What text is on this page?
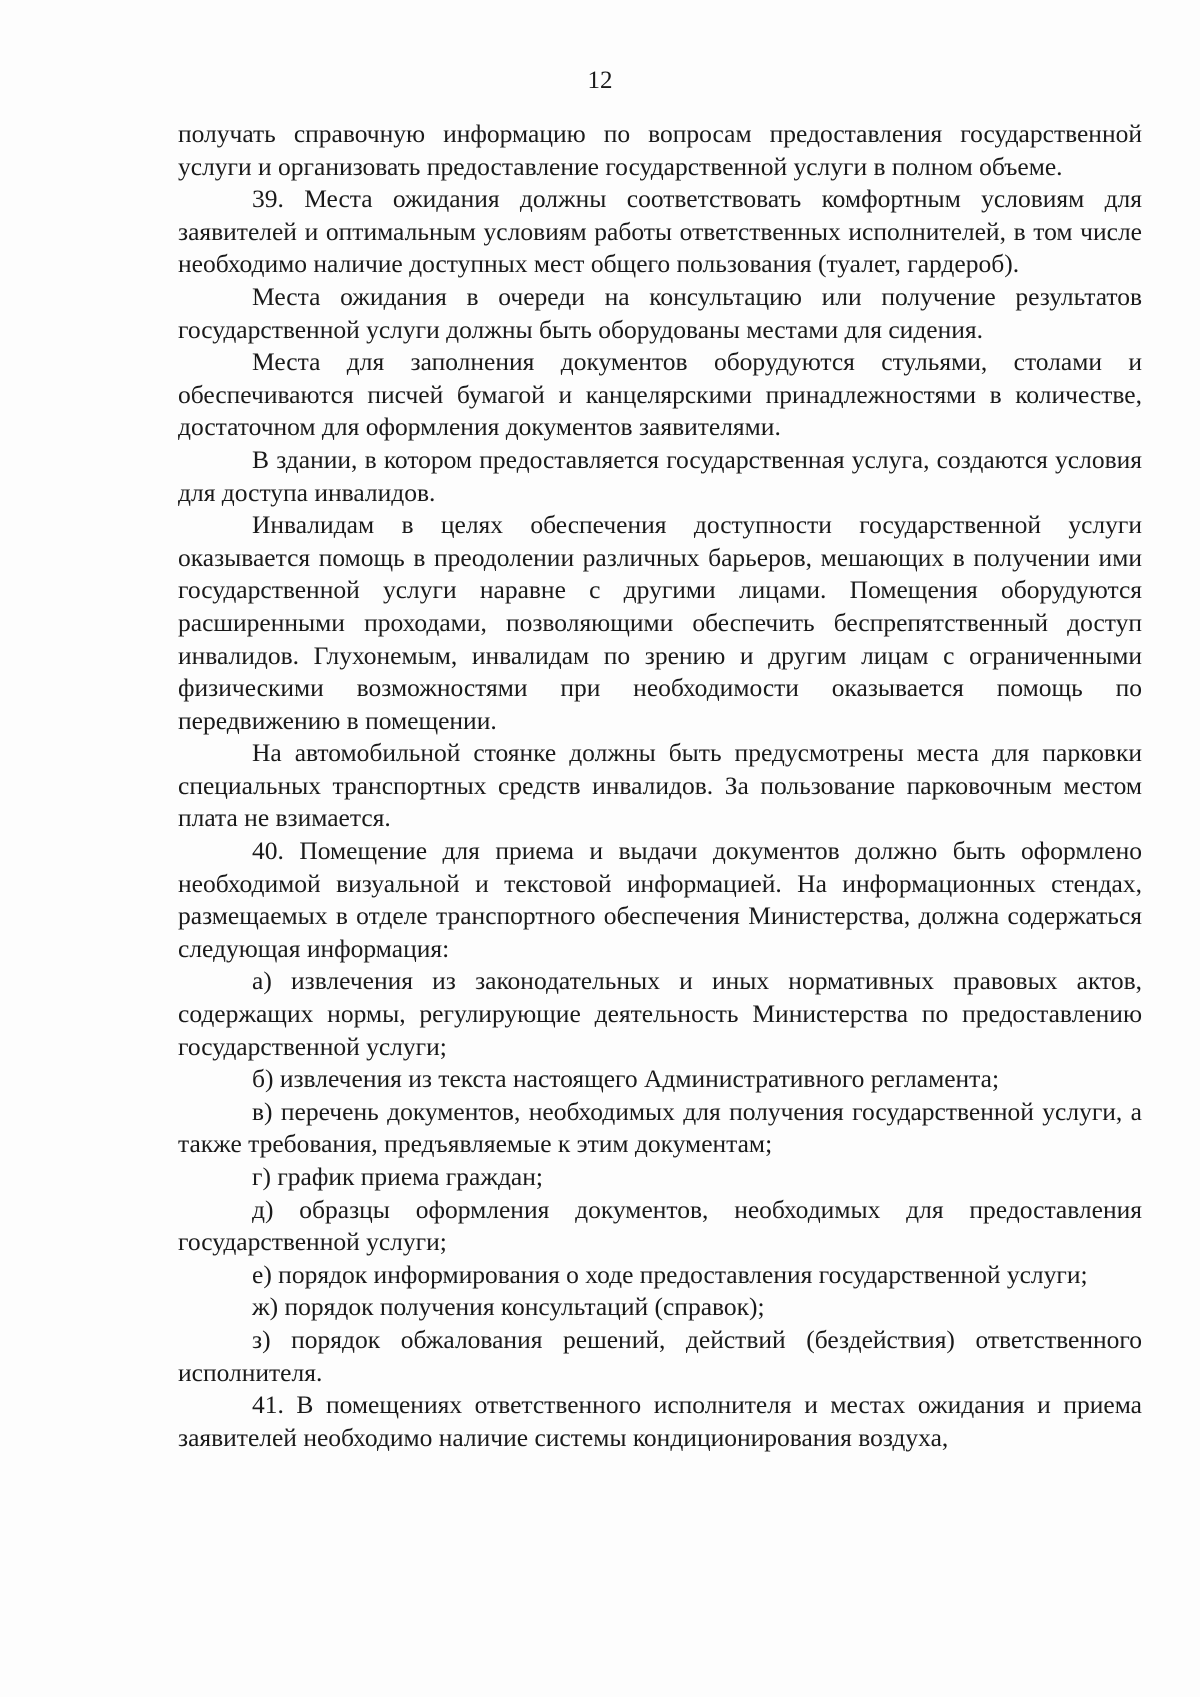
12

получать справочную информацию по вопросам предоставления государственной услуги и организовать предоставление государственной услуги в полном объеме.

39. Места ожидания должны соответствовать комфортным условиям для заявителей и оптимальным условиям работы ответственных исполнителей, в том числе необходимо наличие доступных мест общего пользования (туалет, гардероб).

Места ожидания в очереди на консультацию или получение результатов государственной услуги должны быть оборудованы местами для сидения.

Места для заполнения документов оборудуются стульями, столами и обеспечиваются писчей бумагой и канцелярскими принадлежностями в количестве, достаточном для оформления документов заявителями.

В здании, в котором предоставляется государственная услуга, создаются условия для доступа инвалидов.

Инвалидам в целях обеспечения доступности государственной услуги оказывается помощь в преодолении различных барьеров, мешающих в получении ими государственной услуги наравне с другими лицами. Помещения оборудуются расширенными проходами, позволяющими обеспечить беспрепятственный доступ инвалидов. Глухонемым, инвалидам по зрению и другим лицам с ограниченными физическими возможностями при необходимости оказывается помощь по передвижению в помещении.

На автомобильной стоянке должны быть предусмотрены места для парковки специальных транспортных средств инвалидов. За пользование парковочным местом плата не взимается.

40. Помещение для приема и выдачи документов должно быть оформлено необходимой визуальной и текстовой информацией. На информационных стендах, размещаемых в отделе транспортного обеспечения Министерства, должна содержаться следующая информация:

а) извлечения из законодательных и иных нормативных правовых актов, содержащих нормы, регулирующие деятельность Министерства по предоставлению государственной услуги;

б) извлечения из текста настоящего Административного регламента;

в) перечень документов, необходимых для получения государственной услуги, а также требования, предъявляемые к этим документам;

г) график приема граждан;

д) образцы оформления документов, необходимых для предоставления государственной услуги;

е) порядок информирования о ходе предоставления государственной услуги;

ж) порядок получения консультаций (справок);

з) порядок обжалования решений, действий (бездействия) ответственного исполнителя.

41. В помещениях ответственного исполнителя и местах ожидания и приема заявителей необходимо наличие системы кондиционирования воздуха,
